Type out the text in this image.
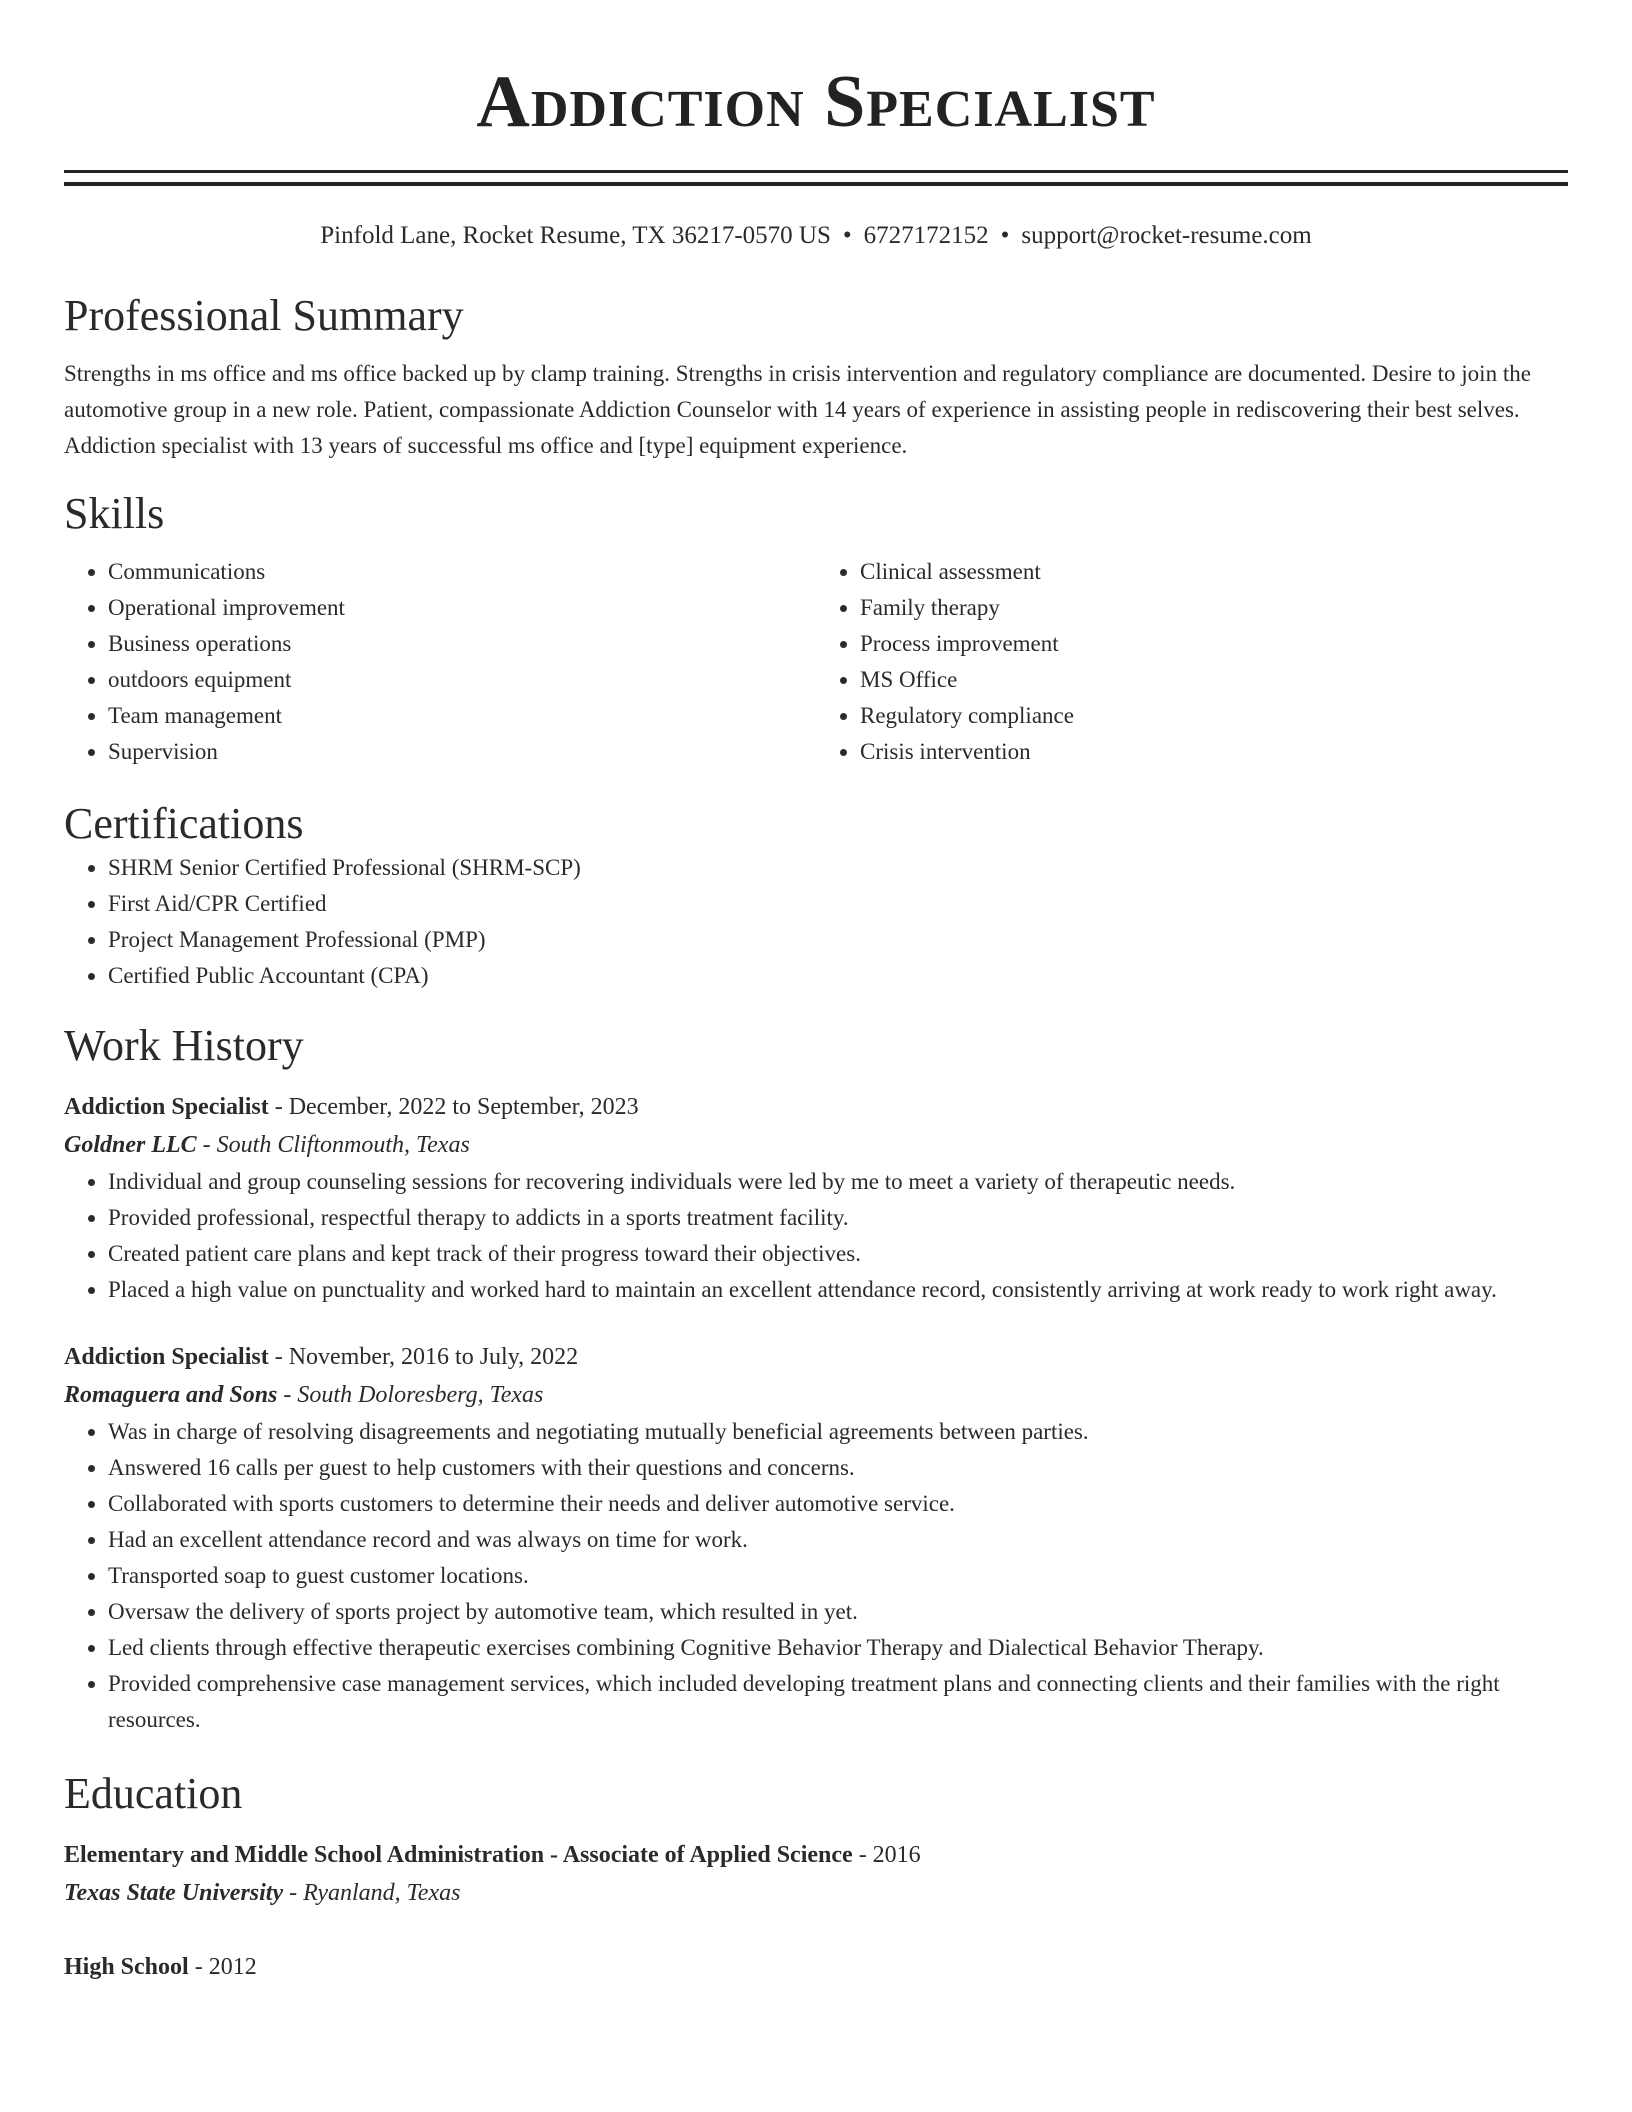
Addiction Specialist
Pinfold Lane, Rocket Resume, TX 36217-0570 US • 6727172152 • support@rocket-resume.com
Professional Summary

Strengths in ms office and ms office backed up by clamp training. Strengths in crisis intervention and regulatory compliance are documented. Desire to join the automotive group in a new role. Patient, compassionate Addiction Counselor with 14 years of experience in assisting people in rediscovering their best selves. Addiction specialist with 13 years of successful ms office and [type] equipment experience.

Skills
• Communications
• Operational improvement
• Business operations
• outdoors equipment
• Team management
• Supervision
• Clinical assessment
• Family therapy
• Process improvement
• MS Office
• Regulatory compliance
• Crisis intervention
Certifications
• SHRM Senior Certified Professional (SHRM-SCP)
• First Aid/CPR Certified
• Project Management Professional (PMP)
• Certified Public Accountant (CPA)
Work History
Addiction Specialist - December, 2022 to September, 2023
Goldner LLC - South Cliftonmouth, Texas
• Individual and group counseling sessions for recovering individuals were led by me to meet a variety of therapeutic needs.
• Provided professional, respectful therapy to addicts in a sports treatment facility.
• Created patient care plans and kept track of their progress toward their objectives.
• Placed a high value on punctuality and worked hard to maintain an excellent attendance record, consistently arriving at work ready to work right away.
Addiction Specialist - November, 2016 to July, 2022
Romaguera and Sons - South Doloresberg, Texas
• Was in charge of resolving disagreements and negotiating mutually beneficial agreements between parties.
• Answered 16 calls per guest to help customers with their questions and concerns.
• Collaborated with sports customers to determine their needs and deliver automotive service.
• Had an excellent attendance record and was always on time for work.
• Transported soap to guest customer locations.
• Oversaw the delivery of sports project by automotive team, which resulted in yet.
• Led clients through effective therapeutic exercises combining Cognitive Behavior Therapy and Dialectical Behavior Therapy.
• Provided comprehensive case management services, which included developing treatment plans and connecting clients and their families with the right resources.
Education
Elementary and Middle School Administration - Associate of Applied Science - 2016
Texas State University - Ryanland, Texas
High School - 2012
